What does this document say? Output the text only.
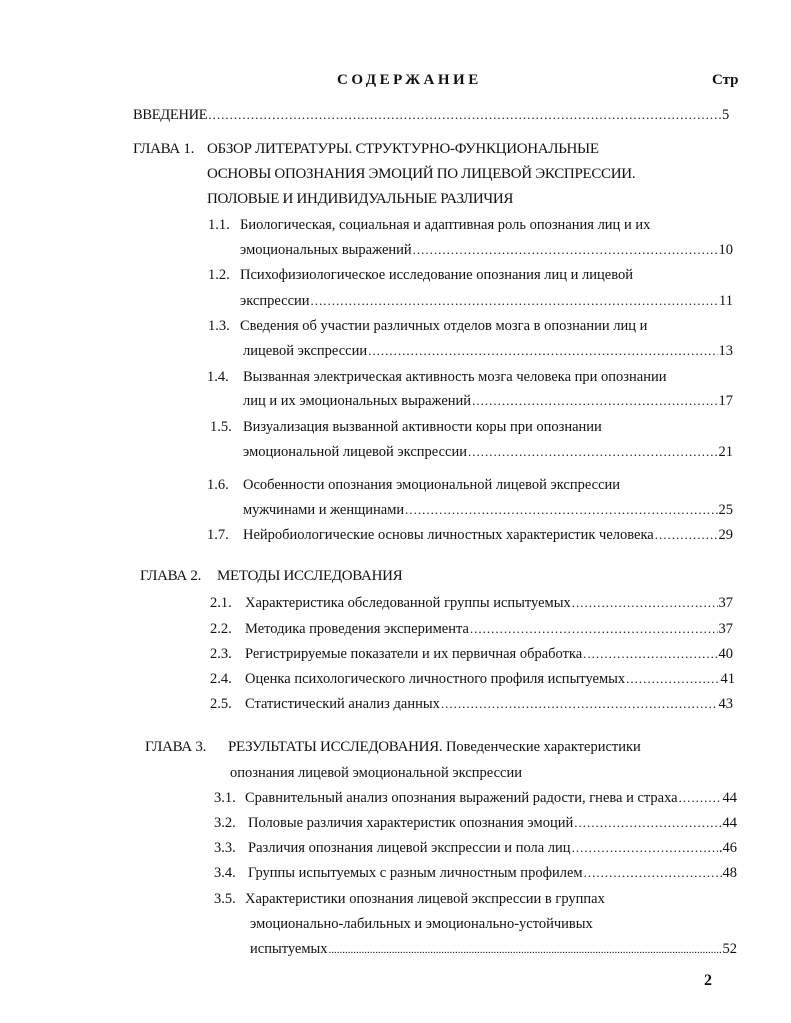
СОДЕРЖАНИЕ	Стр
ВВЕДЕНИЕ .....	5
ГЛАВА 1. ОБЗОР ЛИТЕРАТУРЫ. СТРУКТУРНО-ФУНКЦИОНАЛЬНЫЕ
ОСНОВЫ ОПОЗНАНИЯ ЭМОЦИЙ ПО ЛИЦЕВОЙ ЭКСПРЕССИИ.
ПОЛОВЫЕ И ИНДИВИДУАЛЬНЫЕ РАЗЛИЧИЯ
1.1. Биологическая, социальная и адаптивная роль опознания лиц и их
эмоциональных выражений .....	10
1.2. Психофизиологическое исследование опознания лиц и лицевой
экспрессии .....	11
1.3. Сведения об участии различных отделов мозга в опознании лиц и
лицевой экспрессии .....	13
1.4. Вызванная электрическая активность мозга человека при опознании
лиц и их эмоциональных выражений .....	17
1.5. Визуализация вызванной активности коры при опознании
эмоциональной лицевой экспрессии .....	21
1.6. Особенности опознания эмоциональной лицевой экспрессии
мужчинами и женщинами .....	25
1.7. Нейробиологические основы личностных характеристик человека .....	29
ГЛАВА 2. МЕТОДЫ ИССЛЕДОВАНИЯ
2.1. Характеристика обследованной группы испытуемых .....	37
2.2. Методика проведения эксперимента .....	37
2.3. Регистрируемые показатели и их первичная обработка .....	40
2.4. Оценка психологического личностного профиля испытуемых .....	41
2.5. Статистический анализ данных .....	43
ГЛАВА 3. РЕЗУЛЬТАТЫ ИССЛЕДОВАНИЯ. Поведенческие характеристики
опознания лицевой эмоциональной экспрессии
3.1. Сравнительный анализ опознания выражений радости, гнева и страха .....	44
3.2. Половые различия характеристик опознания эмоций .....	44
3.3. Различия опознания лицевой экспрессии и пола лиц .....	.46
3.4. Группы испытуемых с разным личностным профилем .....	48
3.5. Характеристики опознания лицевой экспрессии в группах
эмоционально-лабильных и эмоционально-устойчивых
испытуемых .....	52
2
